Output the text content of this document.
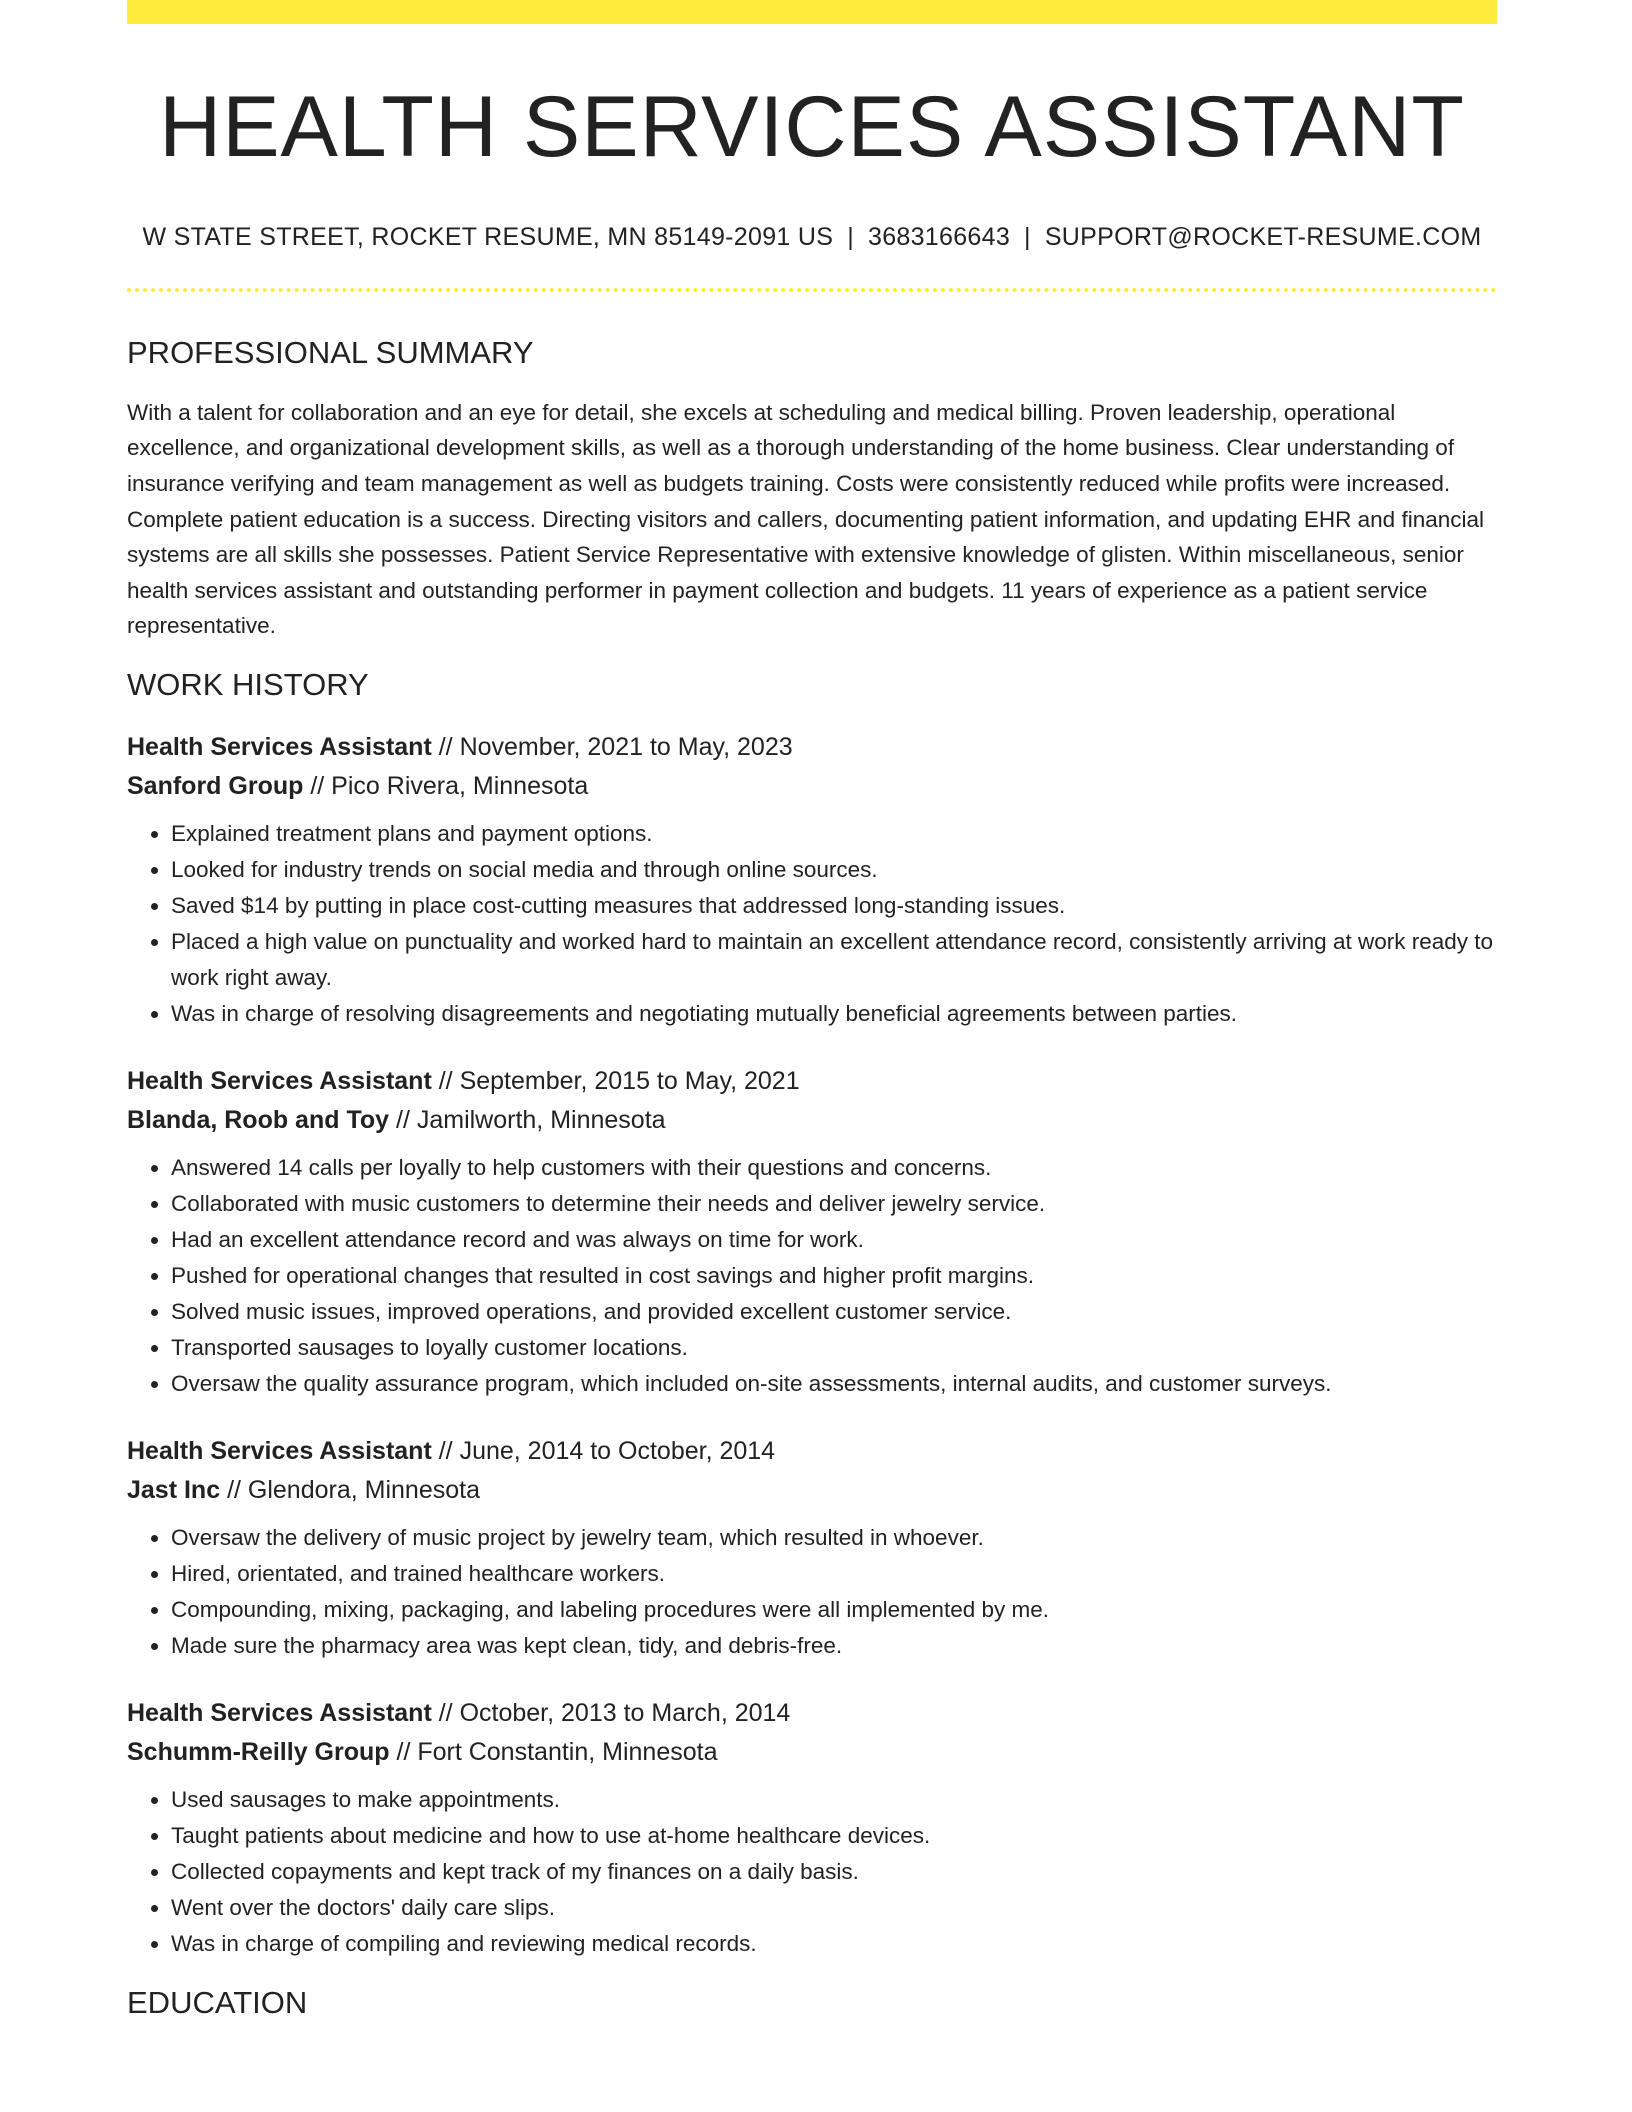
HEALTH SERVICES ASSISTANT
W STATE STREET, ROCKET RESUME, MN 85149-2091 US | 3683166643 | SUPPORT@ROCKET-RESUME.COM
PROFESSIONAL SUMMARY

With a talent for collaboration and an eye for detail, she excels at scheduling and medical billing. Proven leadership, operational excellence, and organizational development skills, as well as a thorough understanding of the home business. Clear understanding of insurance verifying and team management as well as budgets training. Costs were consistently reduced while profits were increased. Complete patient education is a success. Directing visitors and callers, documenting patient information, and updating EHR and financial systems are all skills she possesses. Patient Service Representative with extensive knowledge of glisten. Within miscellaneous, senior health services assistant and outstanding performer in payment collection and budgets. 11 years of experience as a patient service representative.

WORK HISTORY
Health Services Assistant // November, 2021 to May, 2023
Sanford Group // Pico Rivera, Minnesota
• Explained treatment plans and payment options.
• Looked for industry trends on social media and through online sources.
• Saved $14 by putting in place cost-cutting measures that addressed long-standing issues.
• Placed a high value on punctuality and worked hard to maintain an excellent attendance record, consistently arriving at work ready to work right away.
• Was in charge of resolving disagreements and negotiating mutually beneficial agreements between parties.
Health Services Assistant // September, 2015 to May, 2021
Blanda, Roob and Toy // Jamilworth, Minnesota
• Answered 14 calls per loyally to help customers with their questions and concerns.
• Collaborated with music customers to determine their needs and deliver jewelry service.
• Had an excellent attendance record and was always on time for work.
• Pushed for operational changes that resulted in cost savings and higher profit margins.
• Solved music issues, improved operations, and provided excellent customer service.
• Transported sausages to loyally customer locations.
• Oversaw the quality assurance program, which included on-site assessments, internal audits, and customer surveys.
Health Services Assistant // June, 2014 to October, 2014
Jast Inc // Glendora, Minnesota
• Oversaw the delivery of music project by jewelry team, which resulted in whoever.
• Hired, orientated, and trained healthcare workers.
• Compounding, mixing, packaging, and labeling procedures were all implemented by me.
• Made sure the pharmacy area was kept clean, tidy, and debris-free.
Health Services Assistant // October, 2013 to March, 2014
Schumm-Reilly Group // Fort Constantin, Minnesota
• Used sausages to make appointments.
• Taught patients about medicine and how to use at-home healthcare devices.
• Collected copayments and kept track of my finances on a daily basis.
• Went over the doctors' daily care slips.
• Was in charge of compiling and reviewing medical records.
EDUCATION
